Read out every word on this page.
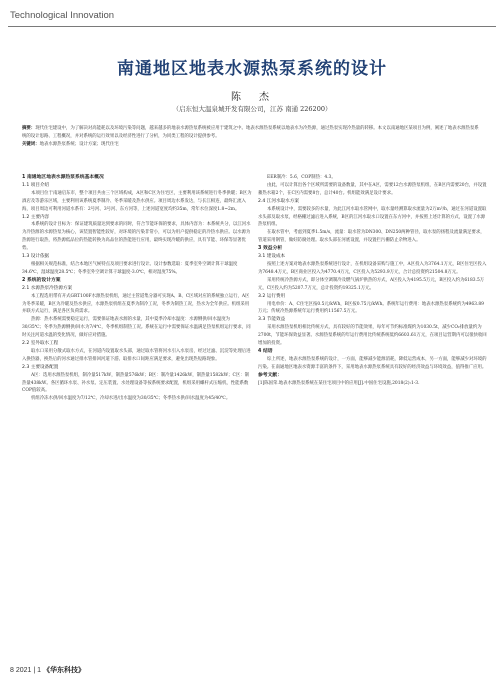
Technological Innovation
南通地区地表水源热泵系统的设计
陈　杰
（启东恒大温泉城开发有限公司，江苏 南通 226200）
摘要：现代住宅建设中，为了解决对高能耗以及环境污染等问题，越来越多的地表水源热泵系统被应用于建筑之中。地表水源热泵系统以地表水为冷热源，通过热泵实现冷热量的转移。本文以南通地区某项目为例，阐述了地表水源热泵系统的设计思路、工程概况，并对系统的运行效果以及经济性进行了分析，为同类工程的设计提供参考。
关键词：地表水源热泵系统；设计方案；现代住宅

1 南通地区地表水源热泵系统基本概况

1.1 项目介绍

本项目位于南通启东市，整个项目共由三个区域构成，A区和C区为住宅区，主要利用该系统进行冬季供暖；B区为酒店及等游乐区域，主要利用该系统夏季制冷、冬季采暖及热水供应。项目周边水系发达，与长江相连，最终汇流入海，项目周边可利用河道水系有：2号河、3号河、东方河等，上述河道宽度均约35m，常年水位深度1.8~2m。

1.2 主要内容

本系统的设计目标为：保证建筑质量达到要求的同时，符合节能环保的要求，具体内容为：本系统共分，以江河水为冷热源的水源热泵为核心，该装置智能性较好，对环境的污染非常小，可以为用户提供稳定的冷热水供应。以水源为热源进行取热，将热源低品位的热能转换为高品位的热能进行应用，最终实现冷暖的供应，具有节能、环保等显著优势。

1.3 设计依据

根据相关规范标准，结合本地区气候特点及项目要求进行设计。设计参数选取：夏季室外空调计算干球温度34.6℃，湿球温度28.5℃；冬季室外空调计算干球温度-3.0℃，相对湿度75%。

2 系统的设计方案

2.1 水源热泵冷热源方案

本工程选用带有开式GRT100F水源热泵机组，通过主管道集分器可实现A、B、C区域对应的系统独立运行，A区为冬季采暖，B区为冷暖及热水供应，水源热泵机组在夏季为制冷工况，冬季为制热工况，热水为全年供应。机组采用并联方式运行，满足各区负荷需求。

热源：热水系统需要稳定运行，需要保证地表水源的水量，其中夏季冷却水温度：水源侧供/回水温度为30/35℃；冬季为热源侧供/回水为7/4℃，冬季机组制热工况。系统在运行中需要保证水温满足热泵机组运行要求，同时关注河道水温的变化情况，做好应对措施。

2.2 室外取水工程

取水口采用分散式取水方式，在河道内设置取水头部，通过取水管将河水引入水泵房，经过过滤、沉淀等处理后进入换热器，换热后的河水通过排水管排回河道下游。取排水口间距应满足要求，避免出现热短路现象。

2.3 主要设备配置

A区：选用水源热泵机组，制冷量517kW，制热量576kW；B区：制冷量1426kW，制热量1582kW；C区：制热量438kW。各区循环水泵、补水泵、定压装置、水处理设备等按系统要求配置，机组采用螺杆式压缩机，性能系数COP值较高。

机组冷冻水供/回水温度为7/12℃，冷却水进/出水温度为30/35℃；冬季热水供/回水温度为45/40℃。

EER制冷：5.6，COP制热：4.3。

由此，可以计算出各个区域所需要的设备数量，其中在A区，需要12台水源热泵机组，在B区内需要20台，并设置蓄热水箱2个，在C区内需要8台，总计40台。机组能效满足设计要求。

2.4 江河水取水方案

本系统设计中，需要较多的水量，为此江河水取水管网中，取水量经测算取水流量为2万m³/h，通过在河道设置取水头部及取水泵，经格栅过滤后进入系统，B区的江河水取水口设置在东方河中，并按照上述计算的方式，设置了水源热泵机组。

在取水管中，考虑到夏季1.5m/s，流量：取水管为DN300、DN250两种管径，取水泵的扬程及流量满足要求，管道采用钢管，做好防腐处理。取水头部在河底设置，并设置拦污栅防止杂物进入。

3 效益分析

3.1 建设成本

按照上述方案对地表水源热泵系统进行设计，在机组设备采购与施工中，A区投入为3764.1万元，B区住宅区投入为7648.4万元，B区商业区投入为4770.4万元，C区投入为5293.9万元，合计总投资约21504.8万元。

采用传统冷热源方式，即分体空调制冷及燃气锅炉供热的方式，A区投入为4195.5万元，B区投入约为6183.5万元，C区投入约为5207.7万元，总计投资约19325.1万元。

3.2 运行费用

用电单价：A、C住宅区按0.5元/kWh，B区按0.75元/kWh。系统年运行费用：地表水源热泵系统约为4963.89万元；传统冷热源系统年运行费用约11567.5万元。

3.3 节能效益

采用水源热泵机组相比传统方式，具有较好的节能效果，每年可节约标准煤约为1030.5t，减少CO₂排放量约为2700t，节能环保效益显著。水源热泵系统的年运行费用比传统系统低约6603.61万元，在项目运营期内可以很快收回增加的投资。

4 结语

综上所述，地表水源热泵系统的设计，一方面，能够减少能源消耗，降低运营成本，另一方面，能够减少对环境的污染。在南通地区地表水资源丰富的条件下，采用地表水源热泵系统具有较好的经济效益与环境效益，值得推广应用。

参考文献：

[1]陈国荣.地表水源热泵系统在某住宅项目中的应用[J].中国住宅设施,2018(2):1-3.

8 2021 | 1 《华东科技》
